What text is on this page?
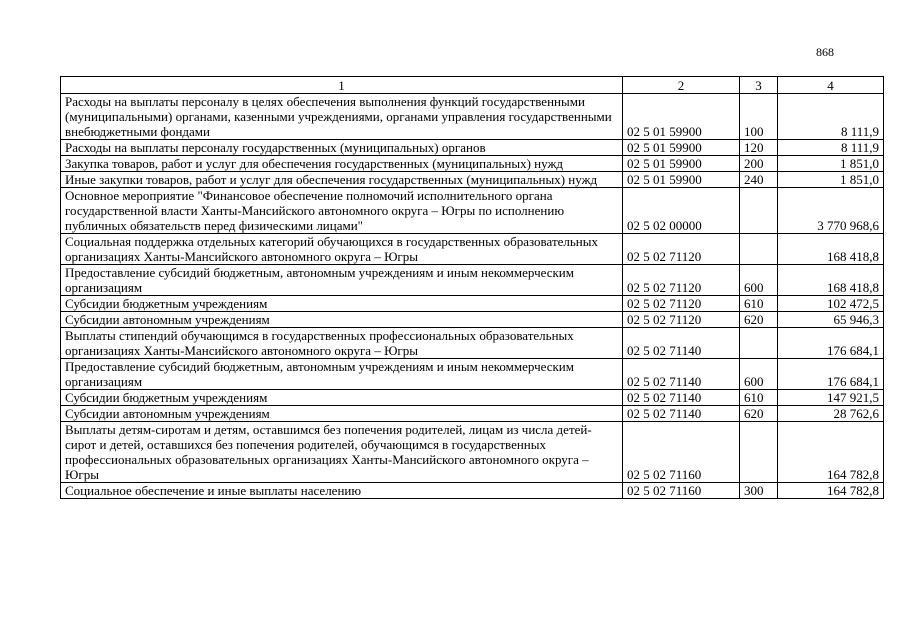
868
1	2	3	4
Расходы на выплаты персоналу в целях обеспечения выполнения функций государственными (муниципальными) органами, казенными учреждениями, органами управления государственными внебюджетными фондами	02 5 01 59900	100	8 111,9
Расходы на выплаты персоналу государственных (муниципальных) органов	02 5 01 59900	120	8 111,9
Закупка товаров, работ и услуг для обеспечения государственных (муниципальных) нужд	02 5 01 59900	200	1 851,0
Иные закупки товаров, работ и услуг для обеспечения государственных (муниципальных) нужд	02 5 01 59900	240	1 851,0
Основное мероприятие "Финансовое обеспечение полномочий исполнительного органа государственной власти Ханты-Мансийского автономного округа – Югры по исполнению публичных обязательств перед физическими лицами"	02 5 02 00000		3 770 968,6
Социальная поддержка отдельных категорий обучающихся в государственных образовательных организациях Ханты-Мансийского автономного округа – Югры	02 5 02 71120		168 418,8
Предоставление субсидий бюджетным, автономным учреждениям и иным некоммерческим организациям	02 5 02 71120	600	168 418,8
Субсидии бюджетным учреждениям	02 5 02 71120	610	102 472,5
Субсидии автономным учреждениям	02 5 02 71120	620	65 946,3
Выплаты стипендий обучающимся в государственных профессиональных образовательных организациях Ханты-Мансийского автономного округа – Югры	02 5 02 71140		176 684,1
Предоставление субсидий бюджетным, автономным учреждениям и иным некоммерческим организациям	02 5 02 71140	600	176 684,1
Субсидии бюджетным учреждениям	02 5 02 71140	610	147 921,5
Субсидии автономным учреждениям	02 5 02 71140	620	28 762,6
Выплаты детям-сиротам и детям, оставшимся без попечения родителей, лицам из числа детей-сирот и детей, оставшихся без попечения родителей, обучающимся в государственных профессиональных образовательных организациях Ханты-Мансийского автономного округа – Югры	02 5 02 71160		164 782,8
Социальное обеспечение и иные выплаты населению	02 5 02 71160	300	164 782,8
